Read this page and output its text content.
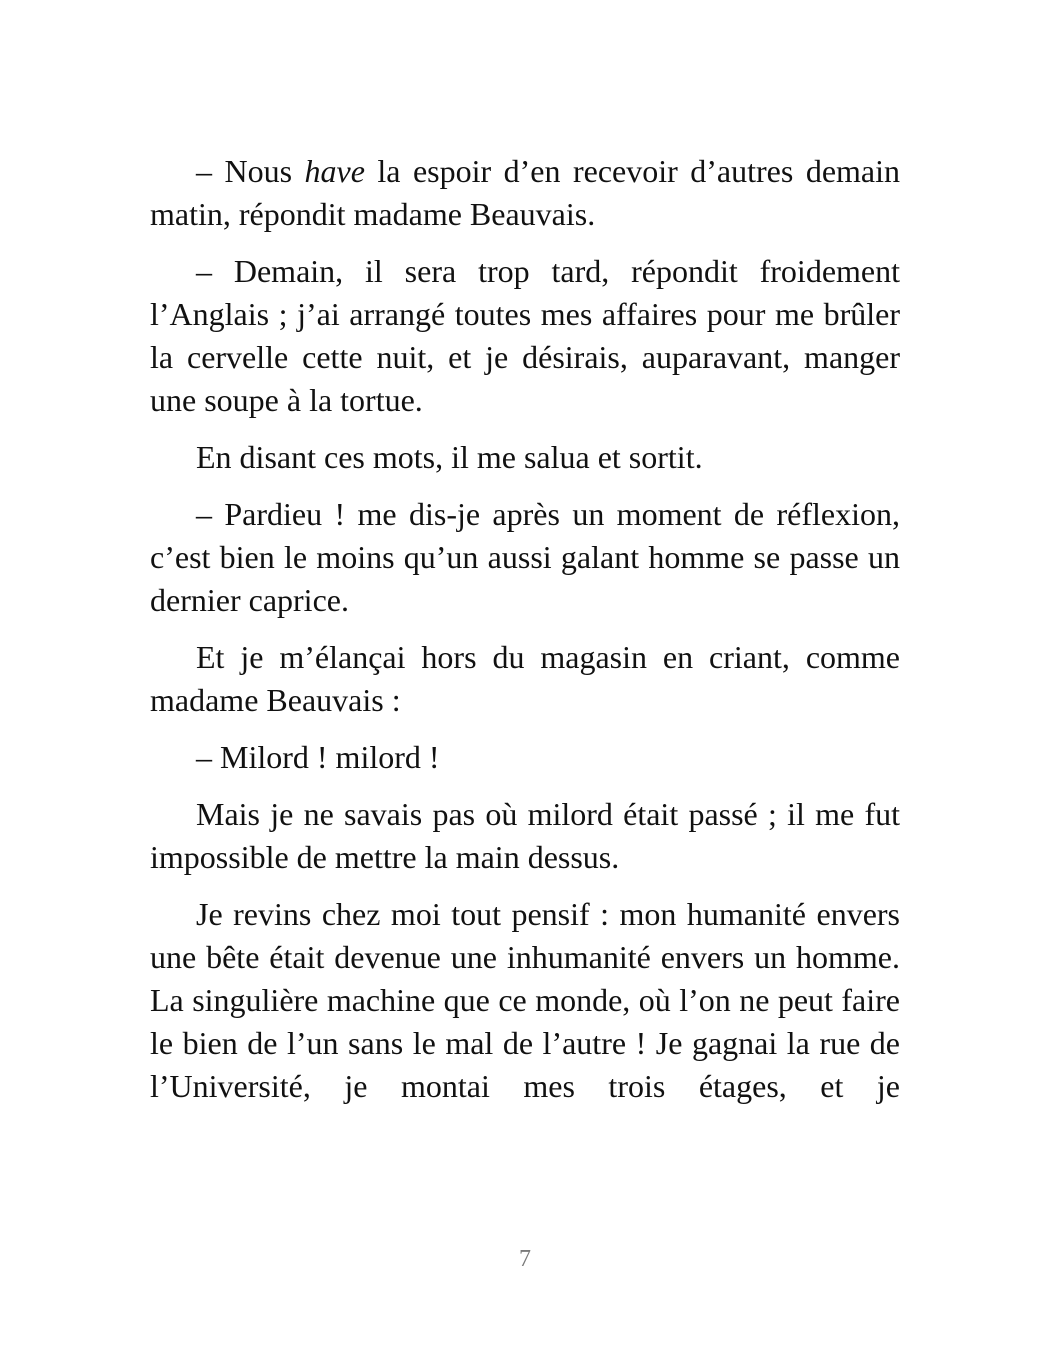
– Nous have la espoir d’en recevoir d’autres demain matin, répondit madame Beauvais.

– Demain, il sera trop tard, répondit froidement l’Anglais ; j’ai arrangé toutes mes affaires pour me brûler la cervelle cette nuit, et je désirais, auparavant, manger une soupe à la tortue.

En disant ces mots, il me salua et sortit.

– Pardieu ! me dis-je après un moment de réflexion, c’est bien le moins qu’un aussi galant homme se passe un dernier caprice.

Et je m’élançai hors du magasin en criant, comme madame Beauvais :

– Milord ! milord !

Mais je ne savais pas où milord était passé ; il me fut impossible de mettre la main dessus.

Je revins chez moi tout pensif : mon humanité envers une bête était devenue une inhumanité envers un homme. La singulière machine que ce monde, où l’on ne peut faire le bien de l’un sans le mal de l’autre ! Je gagnai la rue de l’Université, je montai mes trois étages, et je

7
